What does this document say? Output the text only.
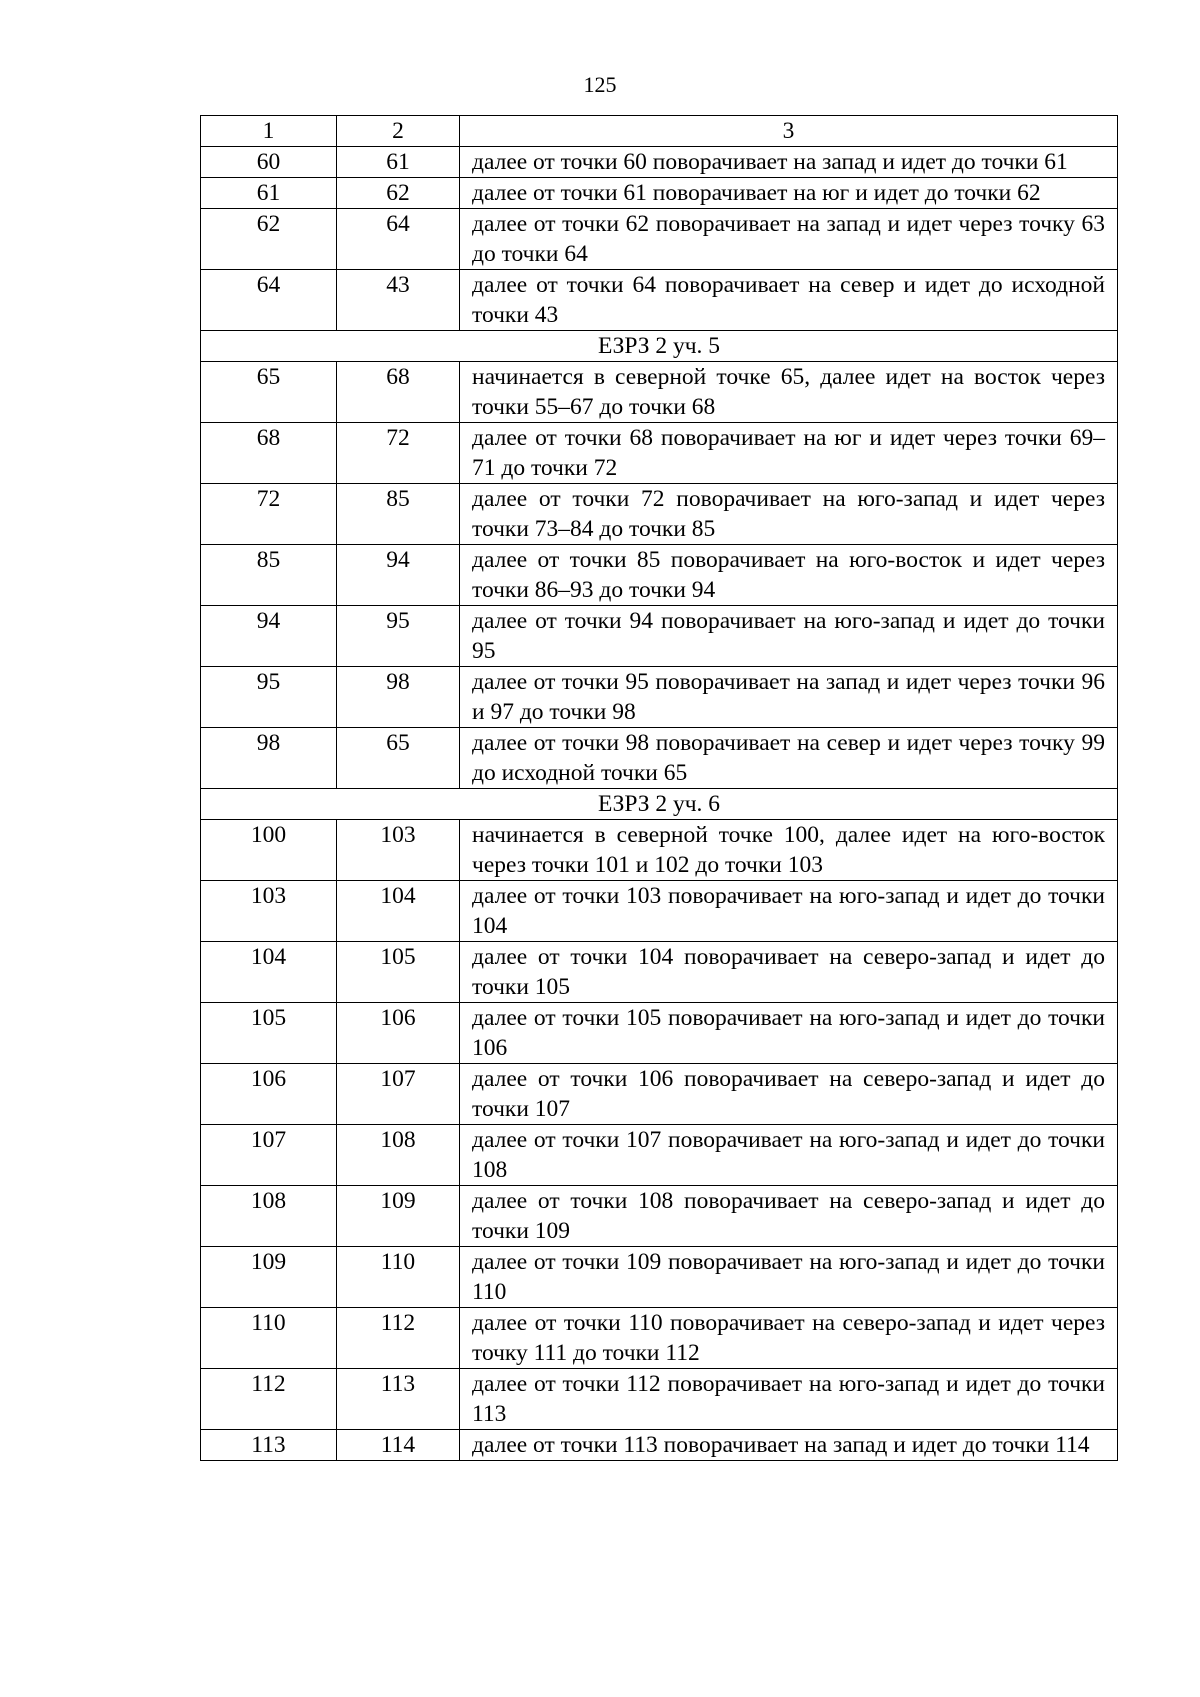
125
1	2	3
60	61	далее от точки 60 поворачивает на запад и идет до точки 61
61	62	далее от точки 61 поворачивает на юг и идет до точки 62
62	64	далее от точки 62 поворачивает на запад и идет через точку 63 до точки 64
64	43	далее от точки 64 поворачивает на север и идет до исходной точки 43
ЕЗРЗ 2 уч. 5		
65	68	начинается в северной точке 65, далее идет на восток через точки 55–67 до точки 68
68	72	далее от точки 68 поворачивает на юг и идет через точки 69–71 до точки 72
72	85	далее от точки 72 поворачивает на юго-запад и идет через точки 73–84 до точки 85
85	94	далее от точки 85 поворачивает на юго-восток и идет через точки 86–93 до точки 94
94	95	далее от точки 94 поворачивает на юго-запад и идет до точки 95
95	98	далее от точки 95 поворачивает на запад и идет через точки 96 и 97 до точки 98
98	65	далее от точки 98 поворачивает на север и идет через точку 99 до исходной точки 65
ЕЗРЗ 2 уч. 6		
100	103	начинается в северной точке 100, далее идет на юго-восток через точки 101 и 102 до точки 103
103	104	далее от точки 103 поворачивает на юго-запад и идет до точки 104
104	105	далее от точки 104 поворачивает на северо-запад и идет до точки 105
105	106	далее от точки 105 поворачивает на юго-запад и идет до точки 106
106	107	далее от точки 106 поворачивает на северо-запад и идет до точки 107
107	108	далее от точки 107 поворачивает на юго-запад и идет до точки 108
108	109	далее от точки 108 поворачивает на северо-запад и идет до точки 109
109	110	далее от точки 109 поворачивает на юго-запад и идет до точки 110
110	112	далее от точки 110 поворачивает на северо-запад и идет через точку 111 до точки 112
112	113	далее от точки 112 поворачивает на юго-запад и идет до точки 113
113	114	далее от точки 113 поворачивает на запад и идет до точки 114
